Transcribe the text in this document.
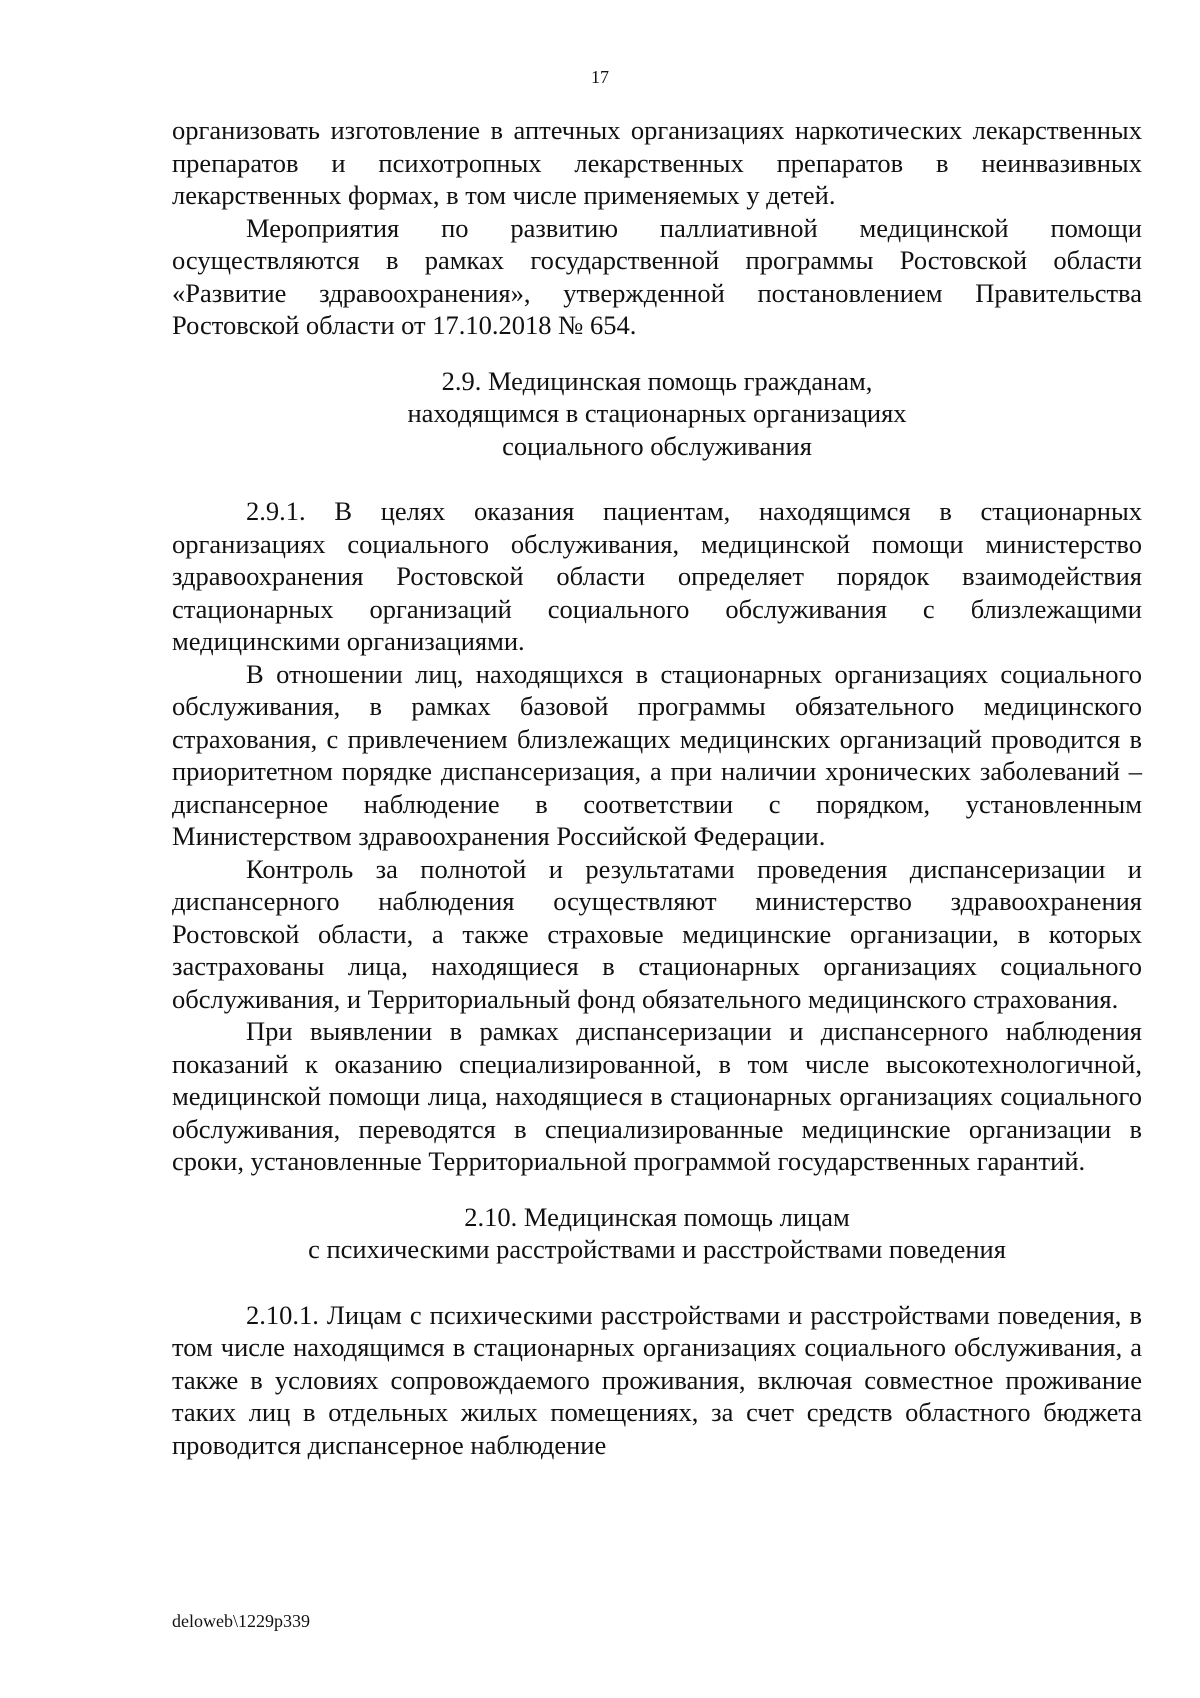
17

организовать изготовление в аптечных организациях наркотических лекарственных препаратов и психотропных лекарственных препаратов в неинвазивных лекарственных формах, в том числе применяемых у детей.

Мероприятия по развитию паллиативной медицинской помощи осуществляются в рамках государственной программы Ростовской области «Развитие здравоохранения», утвержденной постановлением Правительства Ростовской области от 17.10.2018 № 654.

2.9. Медицинская помощь гражданам,
находящимся в стационарных организациях
социального обслуживания

2.9.1. В целях оказания пациентам, находящимся в стационарных организациях социального обслуживания, медицинской помощи министерство здравоохранения Ростовской области определяет порядок взаимодействия стационарных организаций социального обслуживания с близлежащими медицинскими организациями.

В отношении лиц, находящихся в стационарных организациях социального обслуживания, в рамках базовой программы обязательного медицинского страхования, с привлечением близлежащих медицинских организаций проводится в приоритетном порядке диспансеризация, а при наличии хронических заболеваний – диспансерное наблюдение в соответствии с порядком, установленным Министерством здравоохранения Российской Федерации.

Контроль за полнотой и результатами проведения диспансеризации и диспансерного наблюдения осуществляют министерство здравоохранения Ростовской области, а также страховые медицинские организации, в которых застрахованы лица, находящиеся в стационарных организациях социального обслуживания, и Территориальный фонд обязательного медицинского страхования.

При выявлении в рамках диспансеризации и диспансерного наблюдения показаний к оказанию специализированной, в том числе высокотехнологичной, медицинской помощи лица, находящиеся в стационарных организациях социального обслуживания, переводятся в специализированные медицинские организации в сроки, установленные Территориальной программой государственных гарантий.

2.10. Медицинская помощь лицам
с психическими расстройствами и расстройствами поведения

2.10.1. Лицам с психическими расстройствами и расстройствами поведения, в том числе находящимся в стационарных организациях социального обслуживания, а также в условиях сопровождаемого проживания, включая совместное проживание таких лиц в отдельных жилых помещениях, за счет средств областного бюджета проводится диспансерное наблюдение

deloweb\1229p339
